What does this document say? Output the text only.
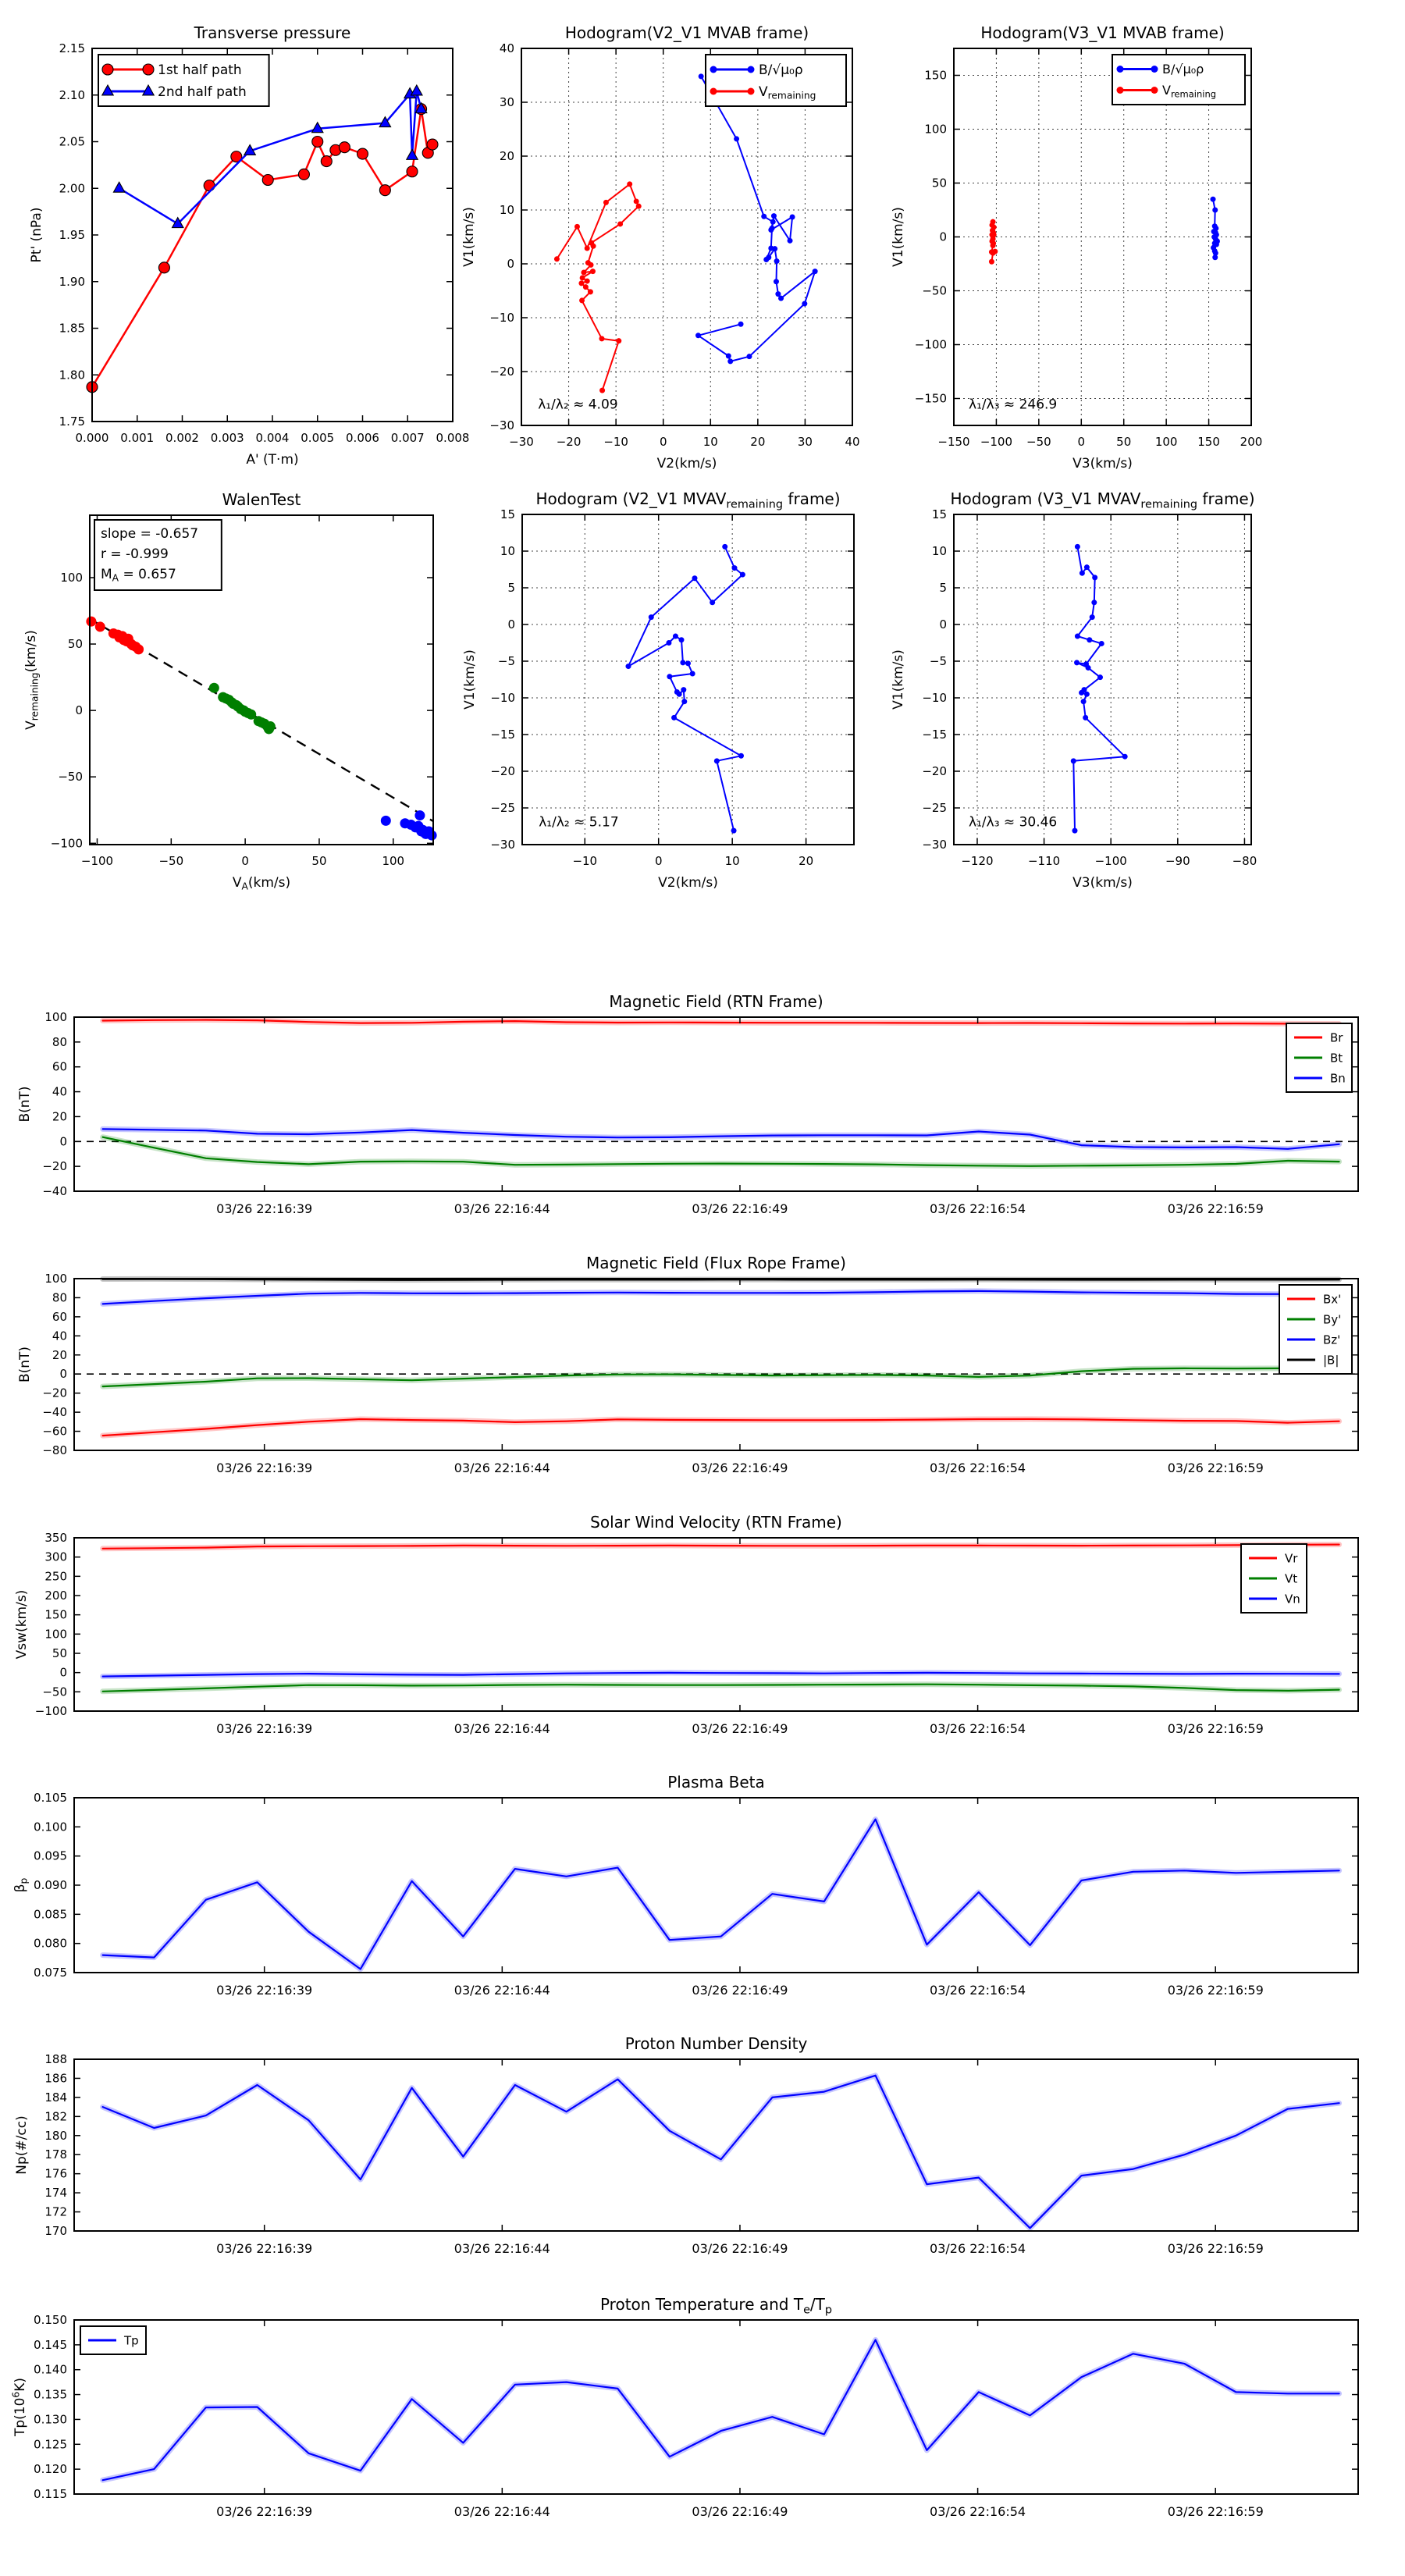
0.000 0.001 0.002 0.003 0.004 0.005 0.006 0.007 0.008
1.75
1.80
1.85
1.90
1.95
2.00
2.05
2.10
2.15
Transverse pressure
A' (T·m)
Pt' (nPa)
1st half path
2nd half path
−30 −20 −10	0	10	20	30	40
−30
−20
−10
0
10
20
30
40
Hodogram(V2_V1 MVAB frame)
V2(km/s)
V1(km/s)
λ₁/λ₂ ≈ 4.09
B/√μ₀ρ
$V_{remaining}$
−150 −100 −50 0	50 100 150 200
−150
−100
−50
0
50
100
150
Hodogram(V3_V1 MVAB frame)
V3(km/s)
V1(km/s)
λ₁/λ₃ ≈ 246.9
B/√μ₀ρ
$V_{remaining}$
−100	−50	0	50	100
−100
−50
0
50
100
WalenTest
$V_A(km/s)$
$V_{remaining}(km/s)$
slope = -0.657
r = -0.999
$M_A = 0.657$
−10	0	10	20
−30
−25
−20
−15
−10
−5
0
5
10
15
Hodogram (V2_V1 $MVAV_{remaining}$ frame)
V2(km/s)
V1(km/s)
λ₁/λ₂ ≈ 5.17
−120	−110	−100	−90	−80
−30
−25
−20
−15
−10
−5
0
5
10
15
Hodogram (V3_V1 $MVAV_{remaining}$ frame)
V3(km/s)
V1(km/s)
λ₁/λ₃ ≈ 30.46
03/26 22:16:39	03/26 22:16:44	03/26 22:16:49	03/26 22:16:54	03/26 22:16:59
−40
−20
0
20
40
60
80
100
Magnetic Field (RTN Frame)
B(nT)
Br
Bt
Bn
03/26 22:16:39	03/26 22:16:44	03/26 22:16:49	03/26 22:16:54	03/26 22:16:59
−80
−60
−40
−20
0
20
40
60
80
100
Magnetic Field (Flux Rope Frame)
B(nT)
Bx'
By'
Bz'
|B|
03/26 22:16:39	03/26 22:16:44	03/26 22:16:49	03/26 22:16:54	03/26 22:16:59
−100
−50
0
50
100
150
200
250
300
350
Solar Wind Velocity (RTN Frame)
Vsw(km/s)
Vr
Vt
Vn
03/26 22:16:39	03/26 22:16:44	03/26 22:16:49	03/26 22:16:54	03/26 22:16:59
0.075
0.080
0.085
0.090
0.095
0.100
0.105
Plasma Beta
$\beta_p$
03/26 22:16:39	03/26 22:16:44	03/26 22:16:49	03/26 22:16:54	03/26 22:16:59
170
172
174
176
178
180
182
184
186
188
Proton Number Density
Np(#/cc)
03/26 22:16:39	03/26 22:16:44	03/26 22:16:49	03/26 22:16:54	03/26 22:16:59
0.115
0.120
0.125
0.130
0.135
0.140
0.145
0.150
Proton Temperature and $T_e/T_p$
$Tp(10^6K)$
Tp
